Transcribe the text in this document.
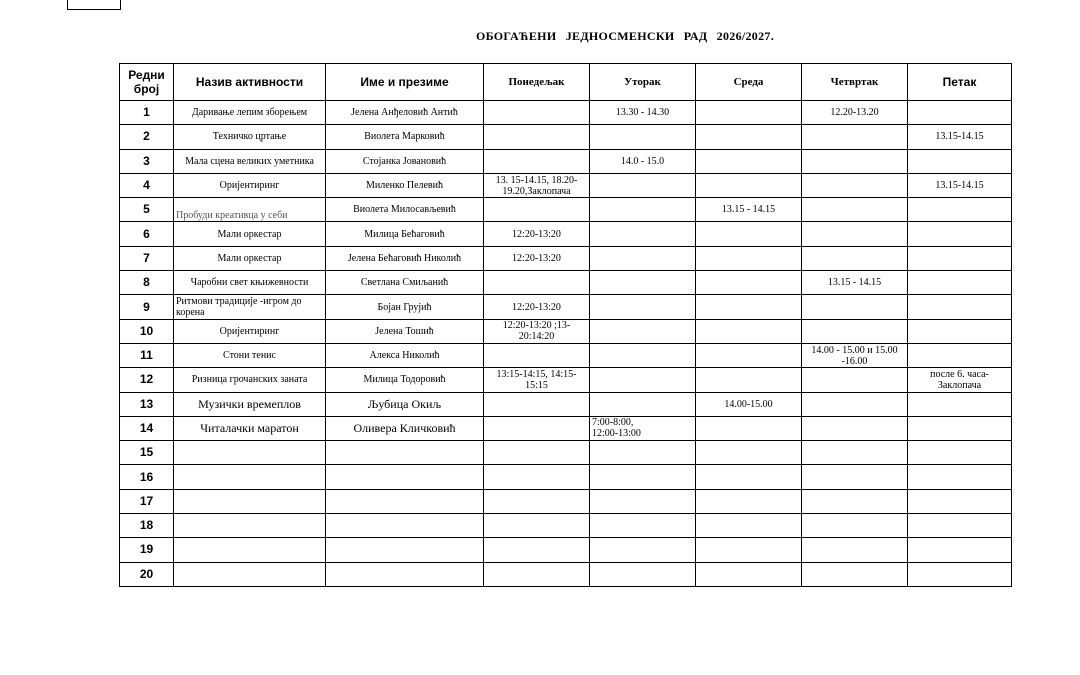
ОБОГАЋЕНИ ЈЕДНОСМЕНСКИ РАД 2026/2027.
Редни број	Назив активности	Име и презиме	Понедељак	Уторак	Среда	Четвртак	Петак
1	Даривање лепим зборењем	Јелена Анђеловић Антић		13.30 - 14.30		12.20-13.20	
2	Техничко цртање	Виолета Марковић					13.15-14.15
3	Мала сцена великих уметника	Стојанка Јовановић		14.0 - 15.0			
4	Оријентиринг	Миленко Пелевић	13. 15-14.15, 18.20-19.20,Заклопача				13.15-14.15
5	Пробуди креативца у себи	Виолета Милосављевић			13.15 - 14.15		
6	Мали оркестар	Милица Бећаговић	12:20-13:20				
7	Мали оркестар	Јелена Бећаговић Николић	12:20-13:20				
8	Чаробни свет књижевности	Светлана Смиљанић				13.15 - 14.15	
9	Ритмови традиције -игром до корена	Бојан Грујић	12:20-13:20				
10	Оријентиринг	Јелена Тошић	12:20-13:20 ;13-20:14:20				
11	Стони тенис	Алекса Николић				14.00 - 15.00 и 15.00 -16.00	
12	Ризница грочанских заната	Милица Тодоровић	13:15-14:15, 14:15-15:15				после 6. часа- Заклопача
13	Музички времеплов	Љубица Окиљ			14.00-15.00		
14	Читалачки маратон	Оливера Кличковић		7:00-8:00,
12:00-13:00			
15							
16							
17							
18							
19							
20							
